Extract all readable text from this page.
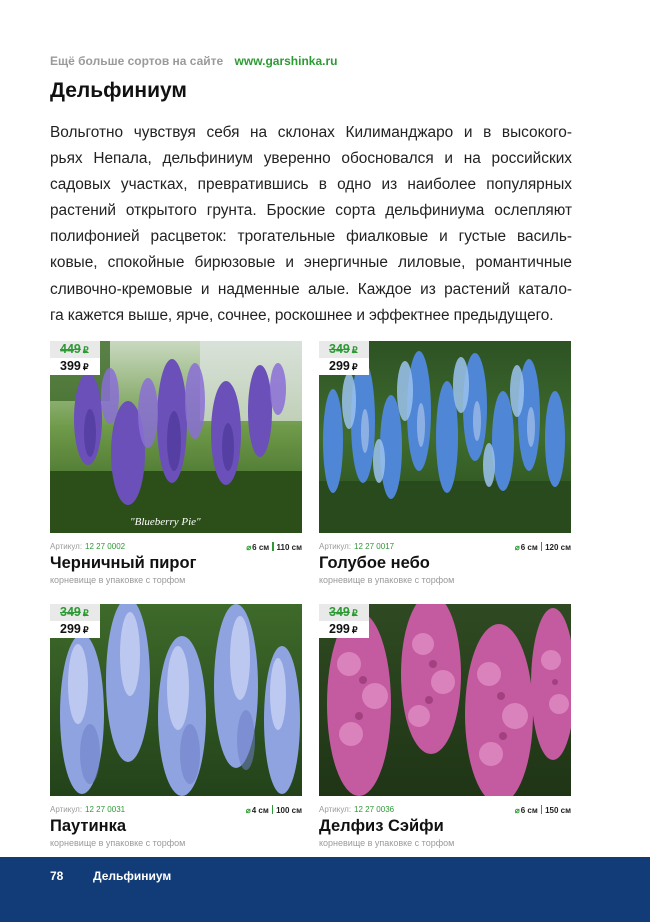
Ещё больше сортов на сайте www.garshinka.ru
Дельфиниум
Вольготно чувствуя себя на склонах Килиманджаро и в высокого-
рьях Непала, дельфиниум уверенно обосновался и на российских
садовых участках, превратившись в одно из наиболее популярных
растений открытого грунта. Броские сорта дельфиниума ослепляют
полифонией расцветок: трогательные фиалковые и густые василь-
ковые, спокойные бирюзовые и энергичные лиловые, романтичные
сливочно-кремовые и надменные алые. Каждое из растений катало-
га кажется выше, ярче, сочнее, роскошнее и эффектнее предыдущего.
"Blueberry Pie"
449 ₽
399 ₽
Артикул: 12 27 0002	⌀6 см 110 см
Черничный пирог
корневище в упаковке с торфом
349 ₽
299 ₽
Артикул: 12 27 0017	⌀6 см 120 см
Голубое небо
корневище в упаковке с торфом
349 ₽
299 ₽
Артикул: 12 27 0031	⌀4 см 100 см
Паутинка
корневище в упаковке с торфом
349 ₽
299 ₽
Артикул: 12 27 0036	⌀6 см 150 см
Делфиз Сэйфи
корневище в упаковке с торфом
78 Дельфиниум
